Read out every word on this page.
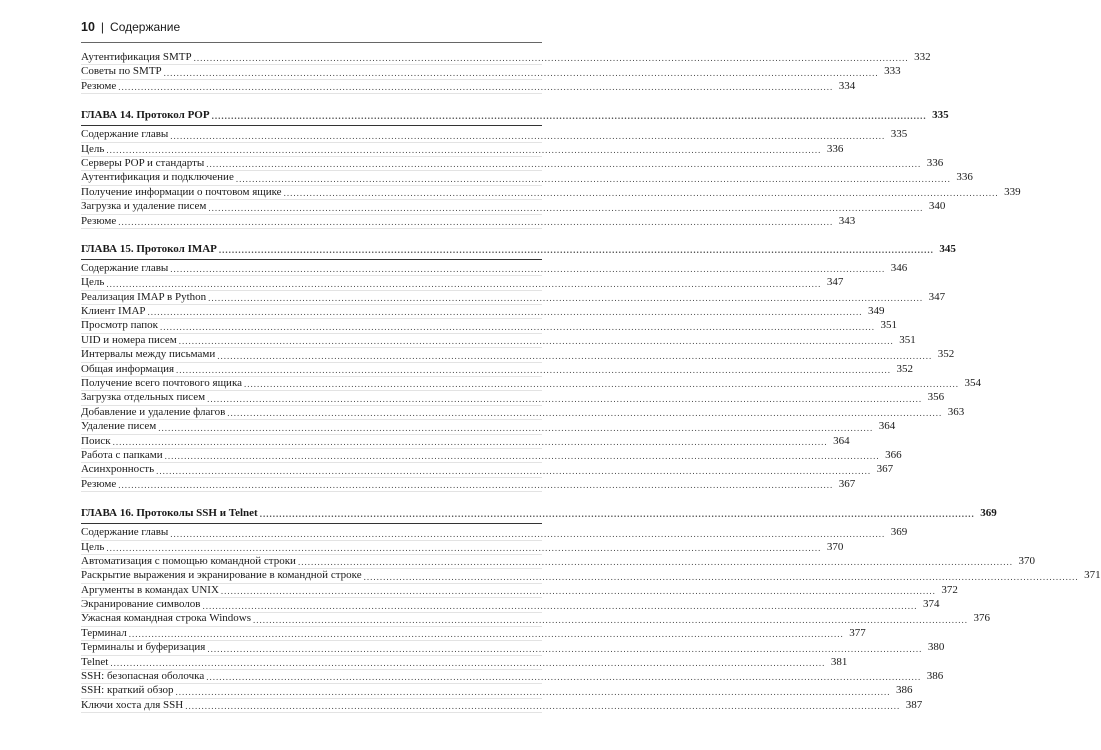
10 | Содержание
Аутентификация SMTP ............................................................................................................................................................................................................................ 332
Советы по SMTP ............................................................................................................................................................................................................................ 333
Резюме ............................................................................................................................................................................................................................ 334
ГЛАВА 14. Протокол POP ............................................................................................................................................................................................................................ 335
Содержание главы ............................................................................................................................................................................................................................ 335
Цель ............................................................................................................................................................................................................................ 336
Серверы POP и стандарты ............................................................................................................................................................................................................................ 336
Аутентификация и подключение ............................................................................................................................................................................................................................ 336
Получение информации о почтовом ящике ............................................................................................................................................................................................................................ 339
Загрузка и удаление писем ............................................................................................................................................................................................................................ 340
Резюме ............................................................................................................................................................................................................................ 343
ГЛАВА 15. Протокол IMAP ............................................................................................................................................................................................................................ 345
Содержание главы ............................................................................................................................................................................................................................ 346
Цель ............................................................................................................................................................................................................................ 347
Реализация IMAP в Python ............................................................................................................................................................................................................................ 347
Клиент IMAP ............................................................................................................................................................................................................................ 349
Просмотр папок ............................................................................................................................................................................................................................ 351
UID и номера писем ............................................................................................................................................................................................................................ 351
Интервалы между письмами ............................................................................................................................................................................................................................ 352
Общая информация ............................................................................................................................................................................................................................ 352
Получение всего почтового ящика ............................................................................................................................................................................................................................ 354
Загрузка отдельных писем ............................................................................................................................................................................................................................ 356
Добавление и удаление флагов ............................................................................................................................................................................................................................ 363
Удаление писем ............................................................................................................................................................................................................................ 364
Поиск ............................................................................................................................................................................................................................ 364
Работа с папками ............................................................................................................................................................................................................................ 366
Асинхронность ............................................................................................................................................................................................................................ 367
Резюме ............................................................................................................................................................................................................................ 367
ГЛАВА 16. Протоколы SSH и Telnet ............................................................................................................................................................................................................................ 369
Содержание главы ............................................................................................................................................................................................................................ 369
Цель ............................................................................................................................................................................................................................ 370
Автоматизация с помощью командной строки ............................................................................................................................................................................................................................ 370
Раскрытие выражения и экранирование в командной строке ............................................................................................................................................................................................................................ 371
Аргументы в командах UNIX ............................................................................................................................................................................................................................ 372
Экранирование символов ............................................................................................................................................................................................................................ 374
Ужасная командная строка Windows ............................................................................................................................................................................................................................ 376
Терминал ............................................................................................................................................................................................................................ 377
Терминалы и буферизация ............................................................................................................................................................................................................................ 380
Telnet ............................................................................................................................................................................................................................ 381
SSH: безопасная оболочка ............................................................................................................................................................................................................................ 386
SSH: краткий обзор ............................................................................................................................................................................................................................ 386
Ключи хоста для SSH ............................................................................................................................................................................................................................ 387
